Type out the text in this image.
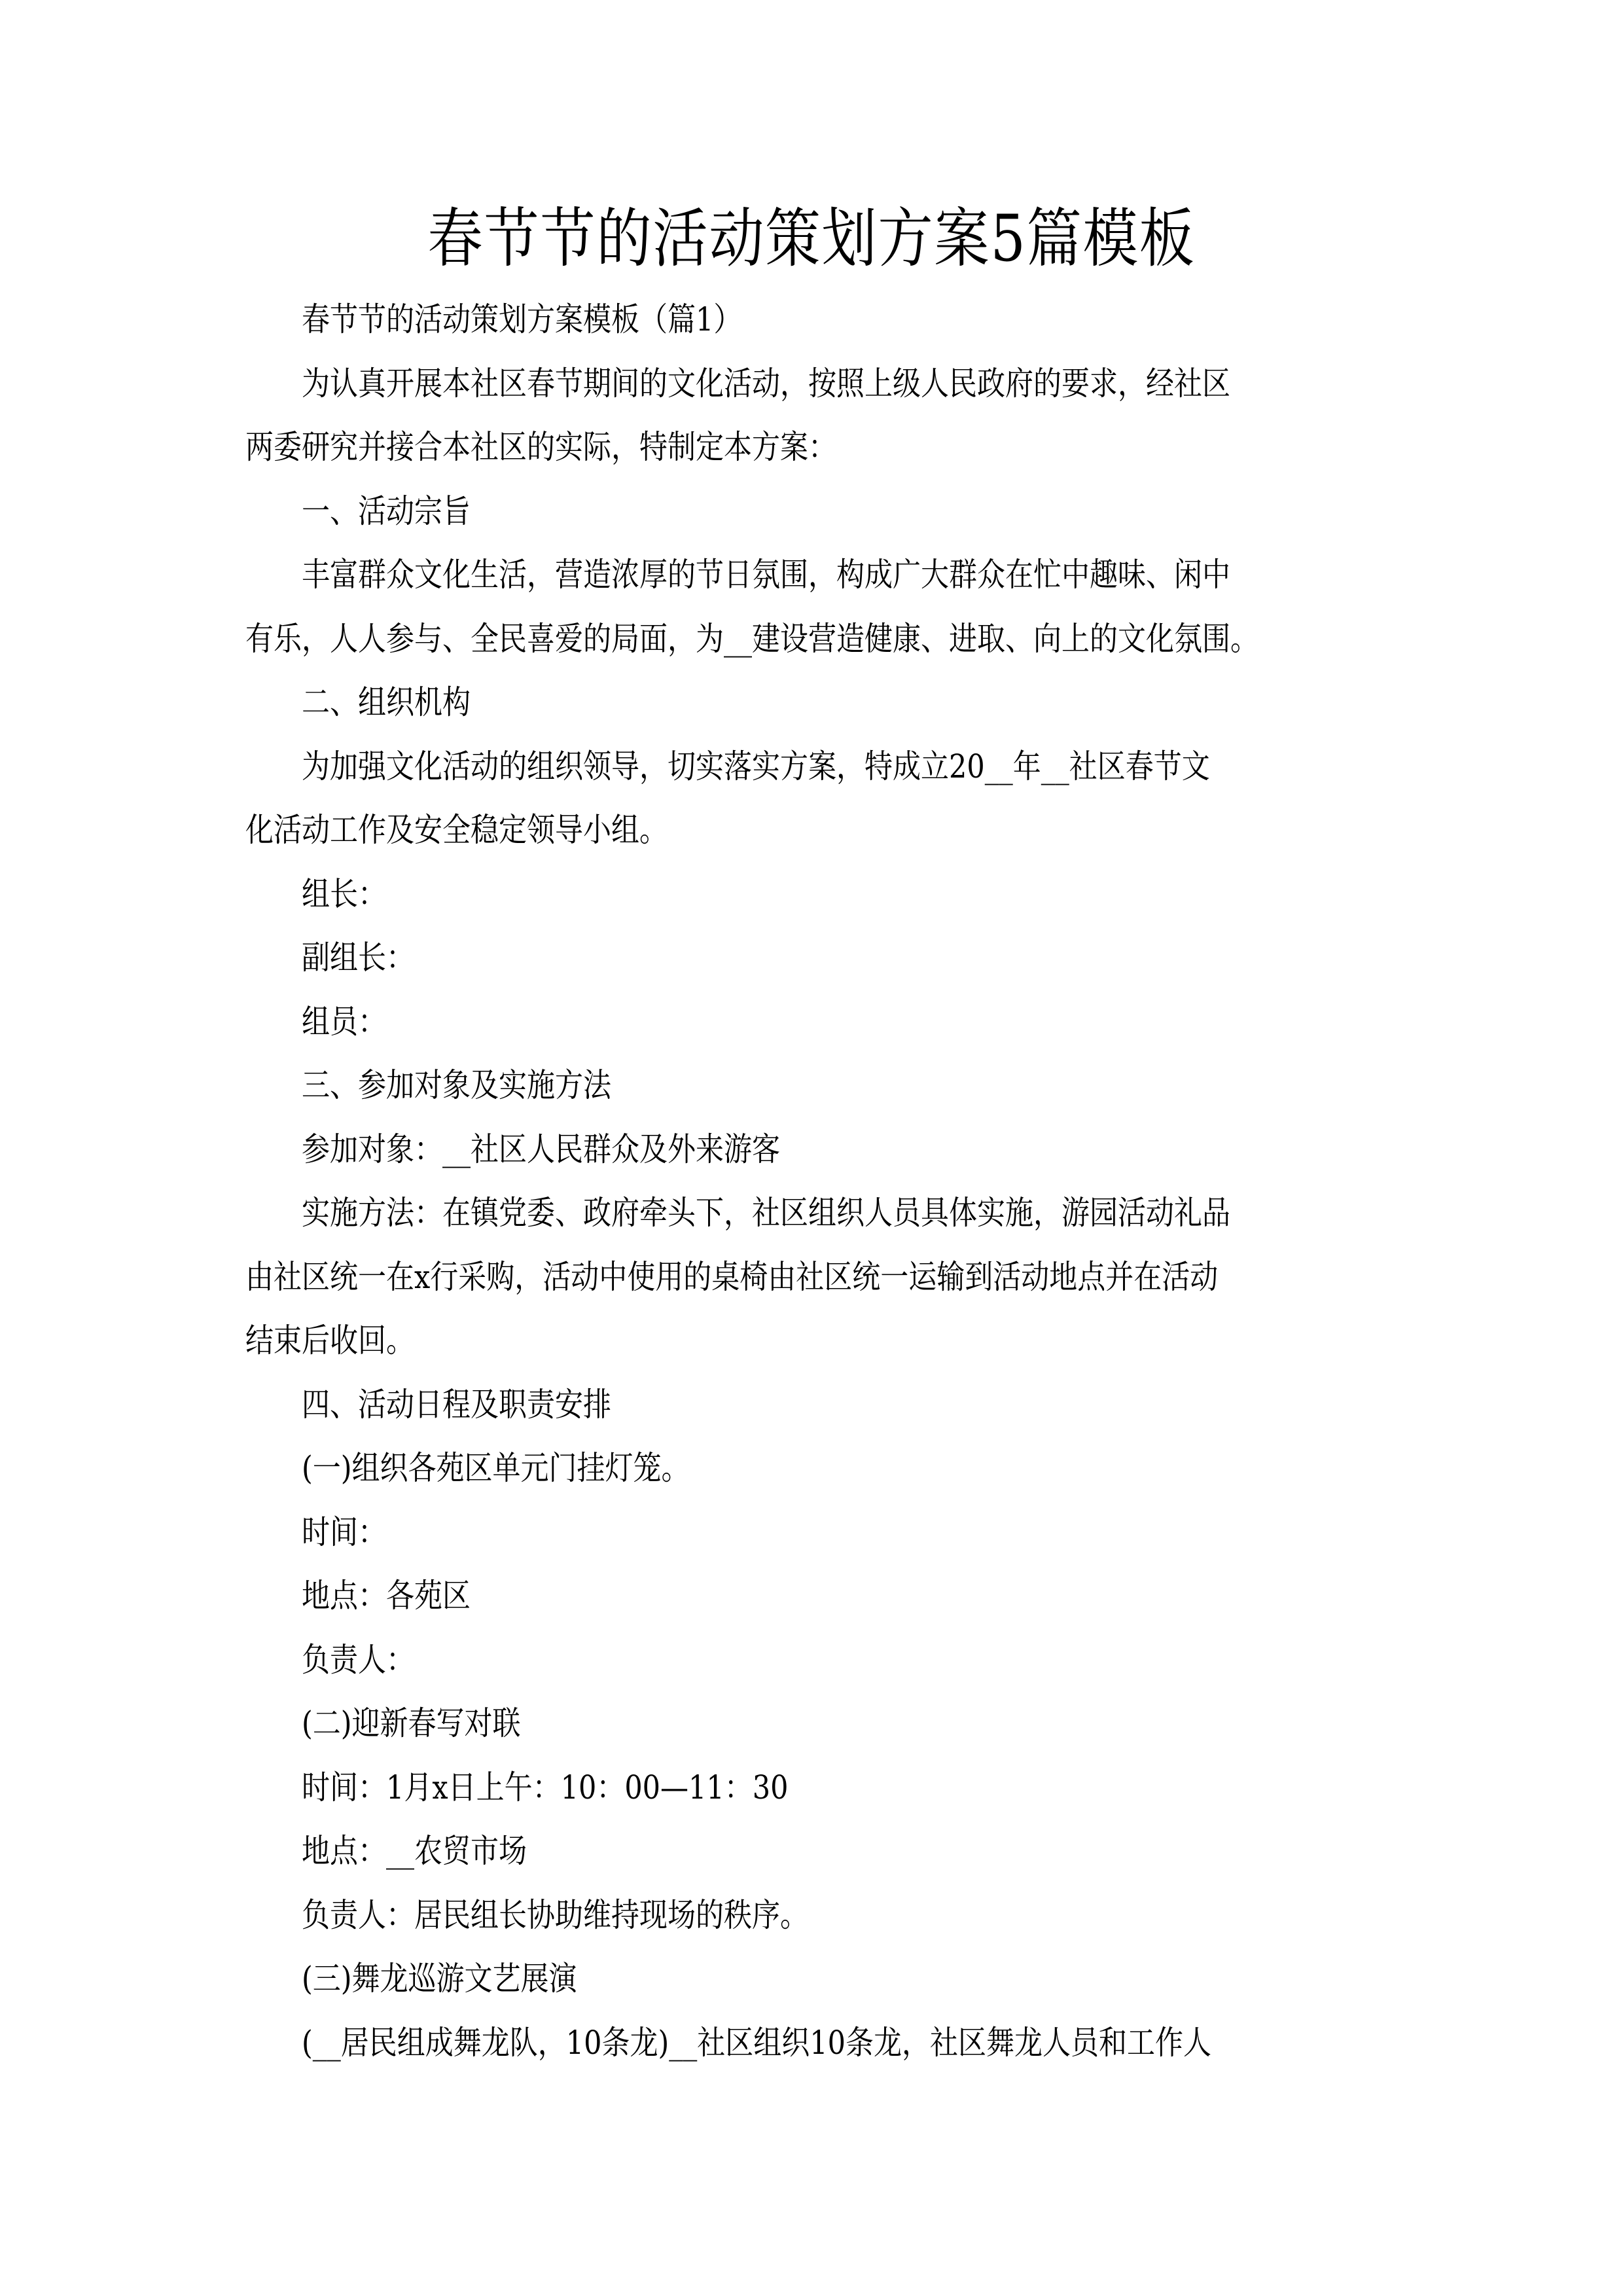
春节节的活动策划方案5篇模板

春节节的活动策划方案模板（篇1）

为认真开展本社区春节期间的文化活动，按照上级人民政府的要求，经社区

两委研究并接合本社区的实际，特制定本方案：

一、活动宗旨

丰富群众文化生活，营造浓厚的节日氛围，构成广大群众在忙中趣味、闲中

有乐，人人参与、全民喜爱的局面，为__建设营造健康、进取、向上的文化氛围。

二、组织机构

为加强文化活动的组织领导，切实落实方案，特成立20__年__社区春节文

化活动工作及安全稳定领导小组。

组长：

副组长：

组员：

三、参加对象及实施方法

参加对象：__社区人民群众及外来游客

实施方法：在镇党委、政府牵头下，社区组织人员具体实施，游园活动礼品

由社区统一在x行采购，活动中使用的桌椅由社区统一运输到活动地点并在活动

结束后收回。

四、活动日程及职责安排

(一)组织各苑区单元门挂灯笼。

时间：

地点：各苑区

负责人：

(二)迎新春写对联

时间：1月x日上午：10：00—11：30

地点：__农贸市场

负责人：居民组长协助维持现场的秩序。

(三)舞龙巡游文艺展演

(__居民组成舞龙队，10条龙)__社区组织10条龙，社区舞龙人员和工作人
